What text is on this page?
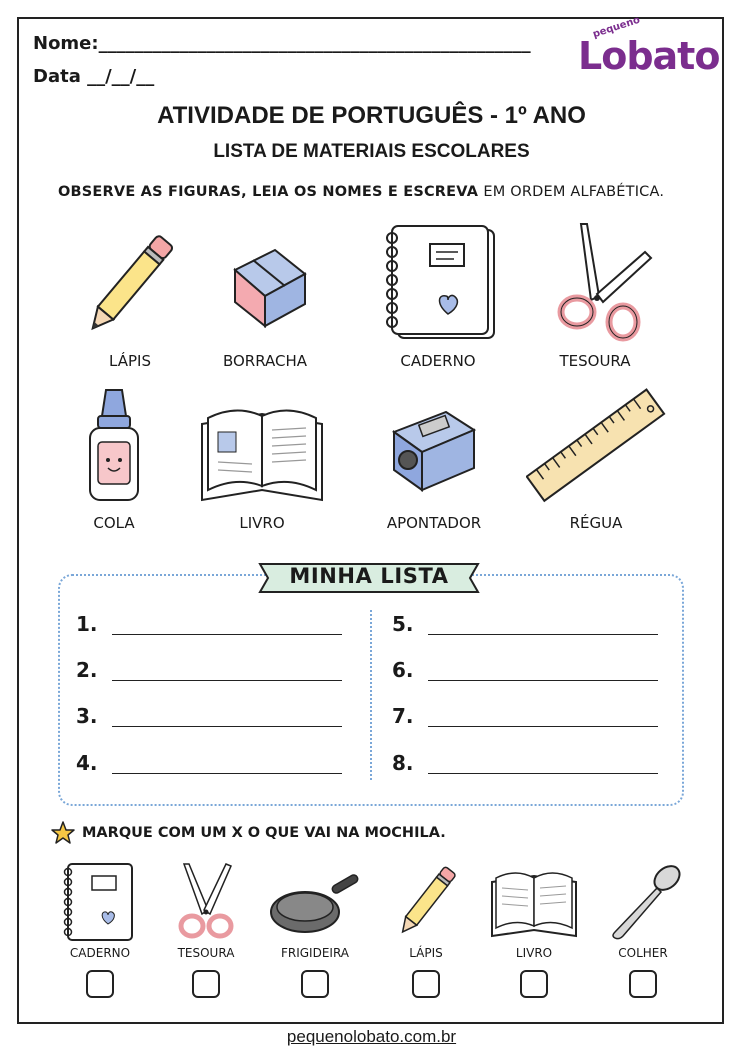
Nome:________________________________________________
Data __/__/__
pequeno
Lobato
ATIVIDADE DE PORTUGUÊS - 1º ANO
LISTA DE MATERIAIS ESCOLARES
OBSERVE AS FIGURAS, LEIA OS NOMES E ESCREVA EM ORDEM ALFABÉTICA.
LÁPIS	BORRACHA	CADERNO	TESOURA
COLA	LIVRO	APONTADOR	RÉGUA
MINHA LISTA
1.
2.
3.
4.
5.
6.
7.
8.
MARQUE COM UM X O QUE VAI NA MOCHILA.
CADERNO	TESOURA	FRIGIDEIRA	LÁPIS	LIVRO	COLHER
pequenolobato.com.br
